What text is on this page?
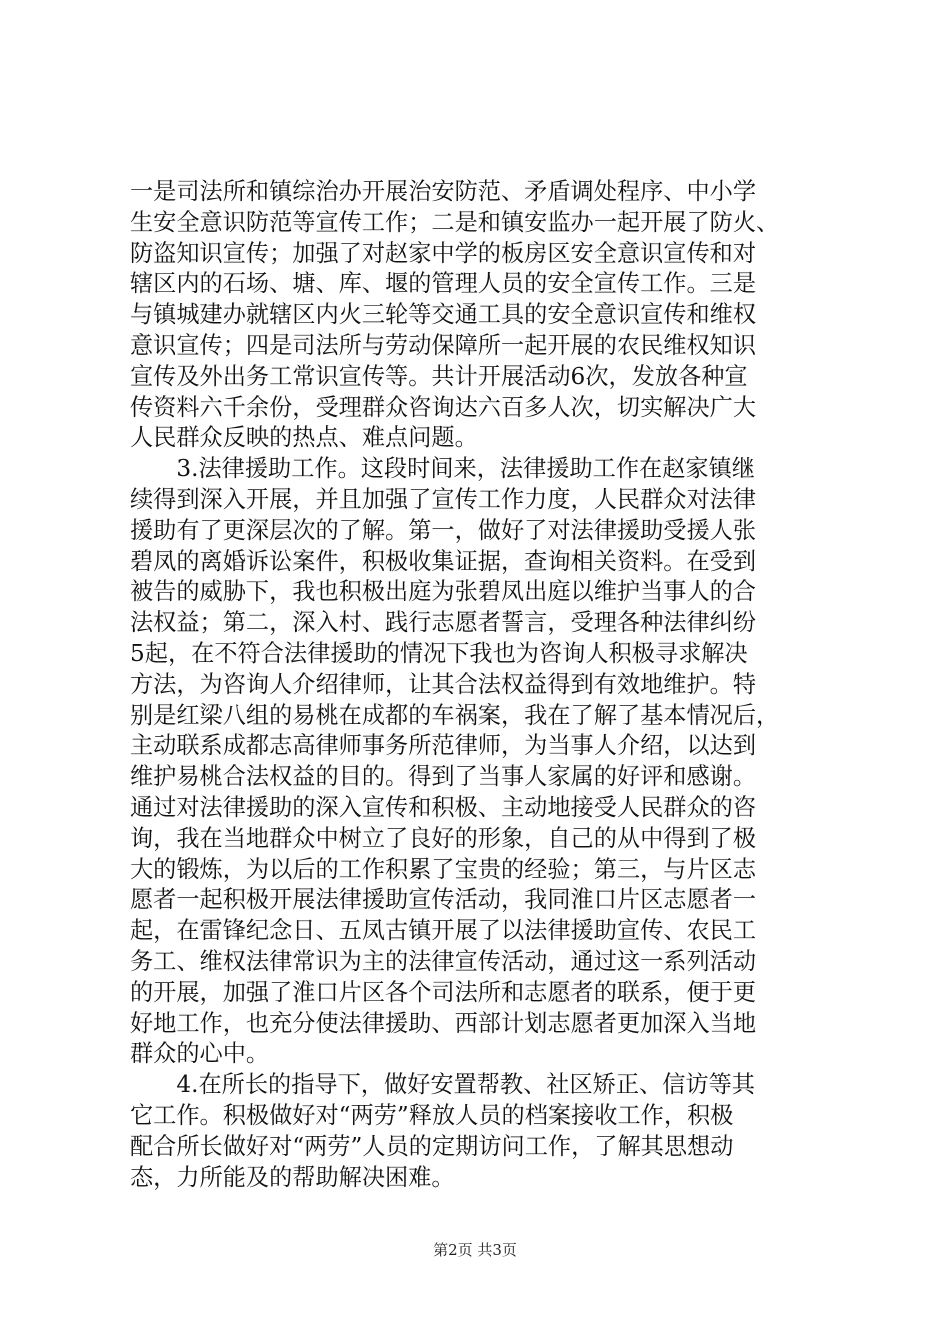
一是司法所和镇综治办开展治安防范、矛盾调处程序、中小学
生安全意识防范等宣传工作；二是和镇安监办一起开展了防火、
防盗知识宣传；加强了对赵家中学的板房区安全意识宣传和对
辖区内的石场、塘、库、堰的管理人员的安全宣传工作。三是
与镇城建办就辖区内火三轮等交通工具的安全意识宣传和维权
意识宣传；四是司法所与劳动保障所一起开展的农民维权知识
宣传及外出务工常识宣传等。共计开展活动6次，发放各种宣
传资料六千余份，受理群众咨询达六百多人次，切实解决广大
人民群众反映的热点、难点问题。
　　3.法律援助工作。这段时间来，法律援助工作在赵家镇继
续得到深入开展，并且加强了宣传工作力度，人民群众对法律
援助有了更深层次的了解。第一，做好了对法律援助受援人张
碧凤的离婚诉讼案件，积极收集证据，查询相关资料。在受到
被告的威胁下，我也积极出庭为张碧凤出庭以维护当事人的合
法权益；第二，深入村、践行志愿者誓言，受理各种法律纠纷
5起，在不符合法律援助的情况下我也为咨询人积极寻求解决
方法，为咨询人介绍律师，让其合法权益得到有效地维护。特
别是红梁八组的易桃在成都的车祸案，我在了解了基本情况后，
主动联系成都志高律师事务所范律师，为当事人介绍，以达到
维护易桃合法权益的目的。得到了当事人家属的好评和感谢。
通过对法律援助的深入宣传和积极、主动地接受人民群众的咨
询，我在当地群众中树立了良好的形象，自己的从中得到了极
大的锻炼，为以后的工作积累了宝贵的经验；第三，与片区志
愿者一起积极开展法律援助宣传活动，我同淮口片区志愿者一
起，在雷锋纪念日、五凤古镇开展了以法律援助宣传、农民工
务工、维权法律常识为主的法律宣传活动，通过这一系列活动
的开展，加强了淮口片区各个司法所和志愿者的联系，便于更
好地工作，也充分使法律援助、西部计划志愿者更加深入当地
群众的心中。
　　4.在所长的指导下，做好安置帮教、社区矫正、信访等其
它工作。积极做好对“两劳”释放人员的档案接收工作，积极
配合所长做好对“两劳”人员的定期访问工作，了解其思想动
态，力所能及的帮助解决困难。
第2页 共3页
